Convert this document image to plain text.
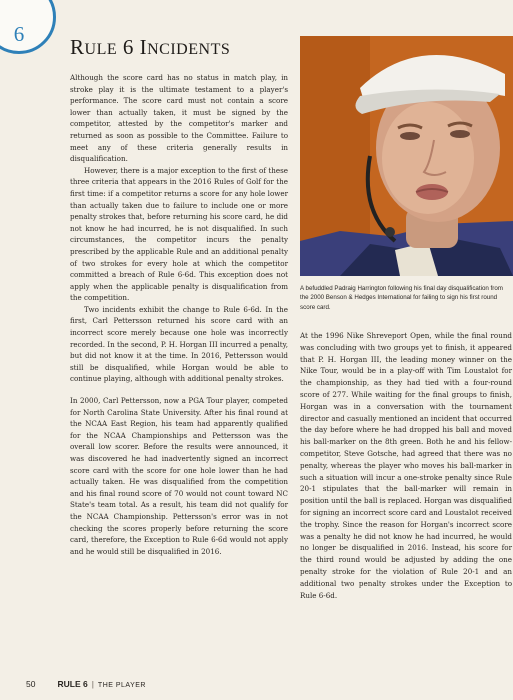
6
RULE 6 INCIDENTS

Although the score card has no status in match play, in stroke play it is the ultimate testament to a player's performance. The score card must not contain a score lower than actually taken, it must be signed by the competitor, attested by the competitor's marker and returned as soon as possible to the Committee. Failure to meet any of these criteria generally results in disqualification.

However, there is a major exception to the first of these three criteria that appears in the 2016 Rules of Golf for the first time: if a competitor returns a score for any hole lower than actually taken due to failure to include one or more penalty strokes that, before returning his score card, he did not know he had incurred, he is not disqualified. In such circumstances, the competitor incurs the penalty prescribed by the applicable Rule and an additional penalty of two strokes for every hole at which the competitor committed a breach of Rule 6-6d. This exception does not apply when the applicable penalty is disqualification from the competition.

Two incidents exhibit the change to Rule 6-6d. In the first, Carl Pettersson returned his score card with an incorrect score merely because one hole was incorrectly recorded. In the second, P. H. Horgan III incurred a penalty, but did not know it at the time. In 2016, Pettersson would still be disqualified, while Horgan would be able to continue playing, although with additional penalty strokes.

In 2000, Carl Pettersson, now a PGA Tour player, competed for North Carolina State University. After his final round at the NCAA East Region, his team had apparently qualified for the NCAA Championships and Pettersson was the overall low scorer. Before the results were announced, it was discovered he had inadvertently signed an incorrect score card with the score for one hole lower than he had actually taken. He was disqualified from the competition and his final round score of 70 would not count toward NC State's team total. As a result, his team did not qualify for the NCAA Championship. Pettersson's error was in not checking the scores properly before returning the score card, therefore, the Exception to Rule 6-6d would not apply and he would still be disqualified in 2016.

A befuddled Padraig Harrington following his final day disqualification from the 2000 Benson & Hedges International for failing to sign his first round score card.

At the 1996 Nike Shreveport Open, while the final round was concluding with two groups yet to finish, it appeared that P. H. Horgan III, the leading money winner on the Nike Tour, would be in a play-off with Tim Loustalot for the championship, as they had tied with a four-round score of 277. While waiting for the final groups to finish, Horgan was in a conversation with the tournament director and casually mentioned an incident that occurred the day before where he had dropped his ball and moved his ball-marker on the 8th green. Both he and his fellow-competitor, Steve Gotsche, had agreed that there was no penalty, whereas the player who moves his ball-marker in such a situation will incur a one-stroke penalty since Rule 20-1 stipulates that the ball-marker will remain in position until the ball is replaced. Horgan was disqualified for signing an incorrect score card and Loustalot received the trophy. Since the reason for Horgan's incorrect score was a penalty he did not know he had incurred, he would no longer be disqualified in 2016. Instead, his score for the third round would be adjusted by adding the one penalty stroke for the violation of Rule 20-1 and an additional two penalty strokes under the Exception to Rule 6-6d.

50	RULE 6 | THE PLAYER
